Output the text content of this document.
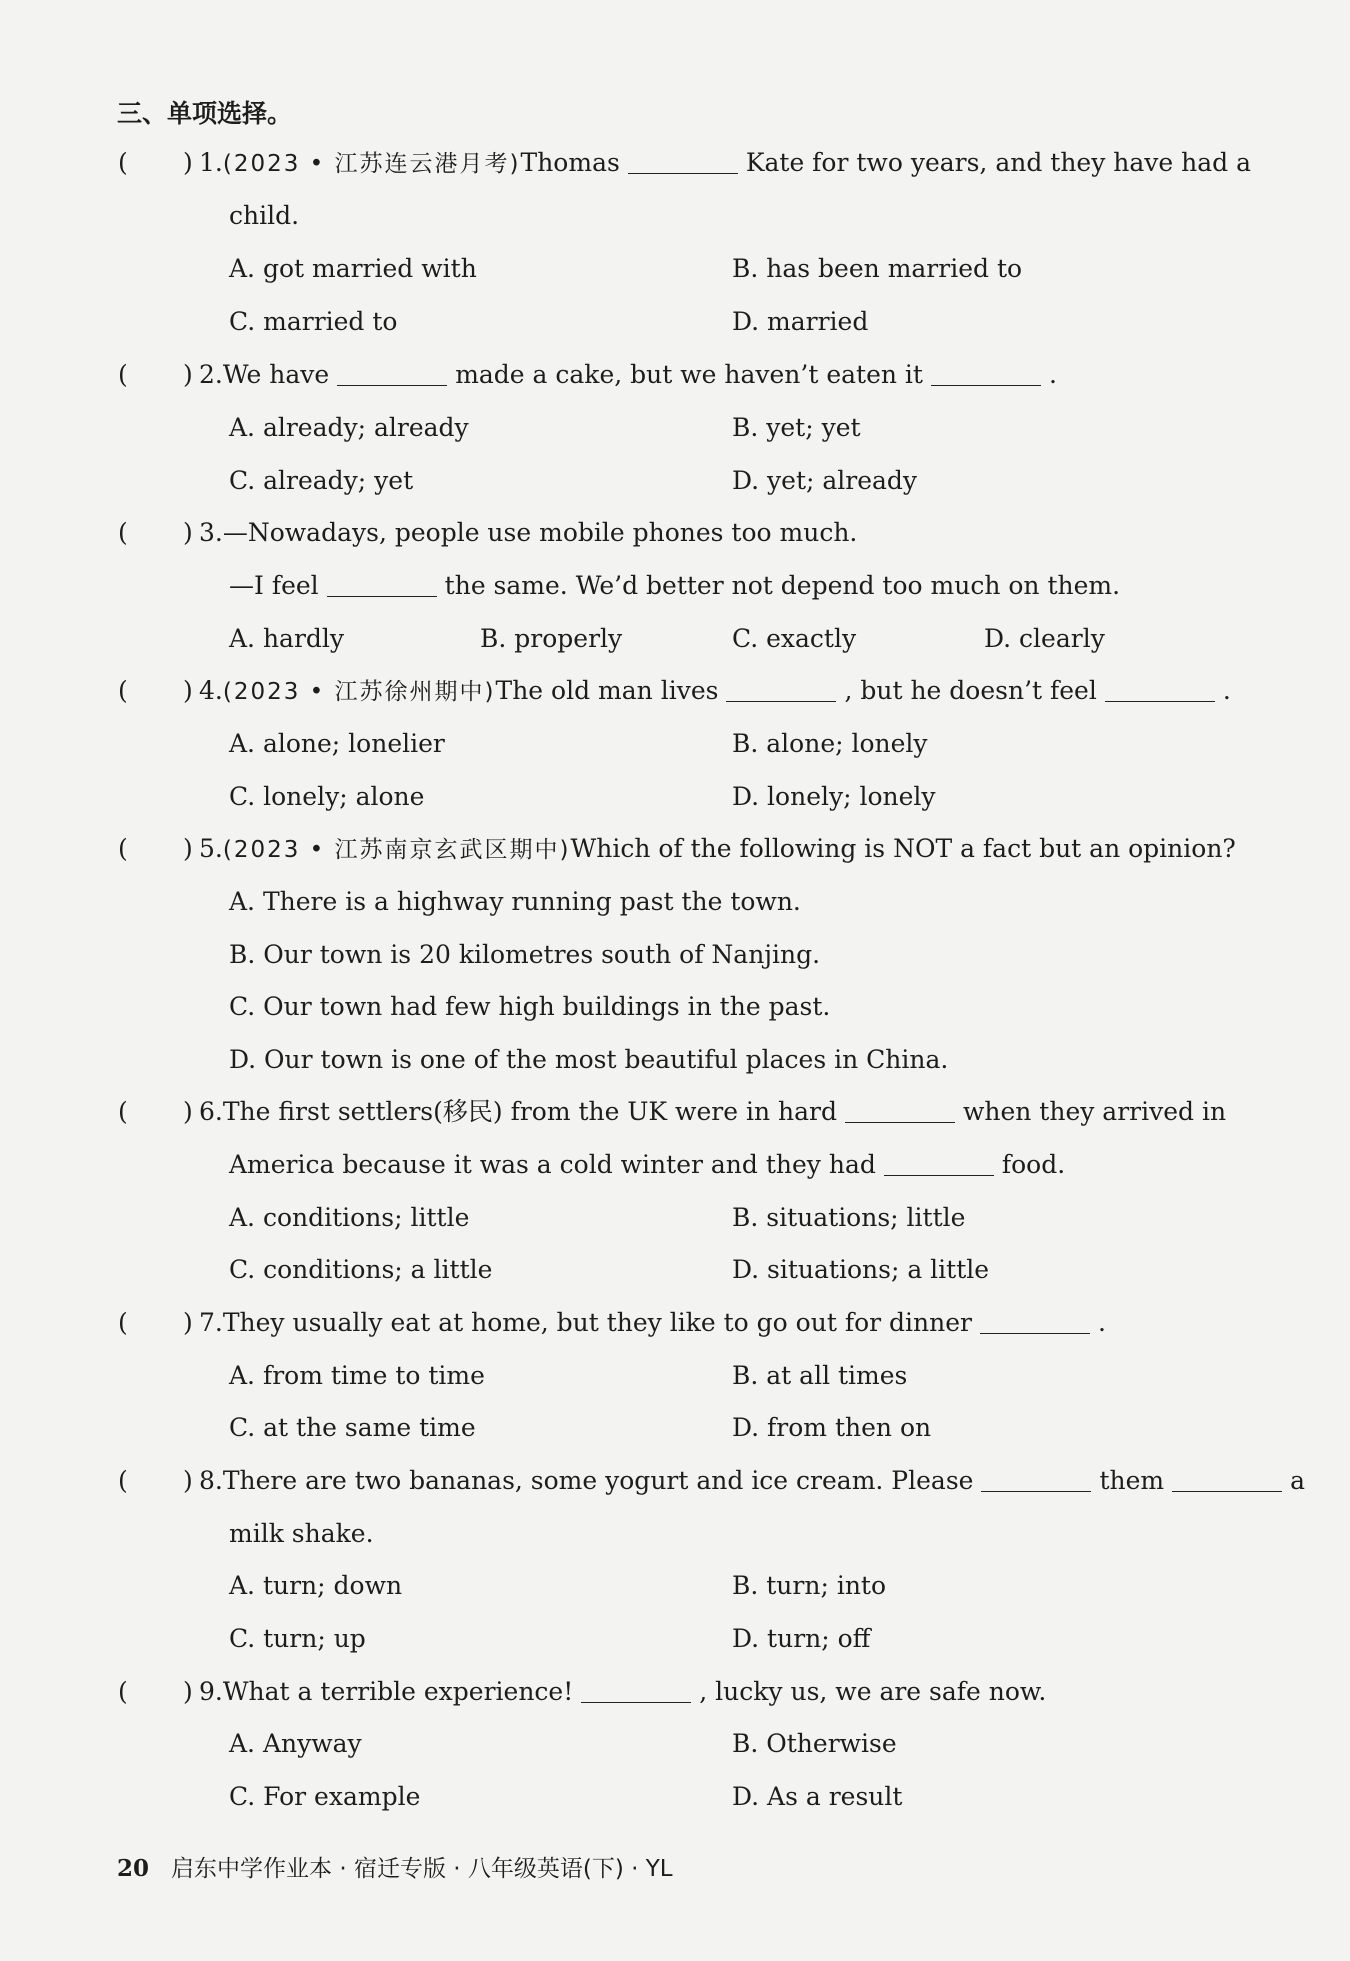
三、单项选择。
( ) 1.(2023 • 江苏连云港月考)Thomas	Kate for two years, and they have had a
child.
A. got married with	B. has been married to
C. married to	D. married
( ) 2.We have	made a cake, but we haven’t eaten it	.
A. already; already	B. yet; yet
C. already; yet	D. yet; already
( ) 3.—Nowadays, people use mobile phones too much.
—I feel	the same. We’d better not depend too much on them.
A. hardly	B. properly	C. exactly	D. clearly
( ) 4.(2023 • 江苏徐州期中)The old man lives	, but he doesn’t feel	.
A. alone; lonelier	B. alone; lonely
C. lonely; alone	D. lonely; lonely
( ) 5.(2023 • 江苏南京玄武区期中)Which of the following is NOT a fact but an opinion?
A. There is a highway running past the town.
B. Our town is 20 kilometres south of Nanjing.
C. Our town had few high buildings in the past.
D. Our town is one of the most beautiful places in China.
( ) 6.The first settlers(移民) from the UK were in hard	when they arrived in
America because it was a cold winter and they had	food.
A. conditions; little	B. situations; little
C. conditions; a little	D. situations; a little
( ) 7.They usually eat at home, but they like to go out for dinner	.
A. from time to time	B. at all times
C. at the same time	D. from then on
( ) 8.There are two bananas, some yogurt and ice cream. Please	them	a
milk shake.
A. turn; down	B. turn; into
C. turn; up	D. turn; off
( ) 9.What a terrible experience!	, lucky us, we are safe now.
A. Anyway	B. Otherwise
C. For example	D. As a result
20 启东中学作业本 · 宿迁专版 · 八年级英语(下) · YL
